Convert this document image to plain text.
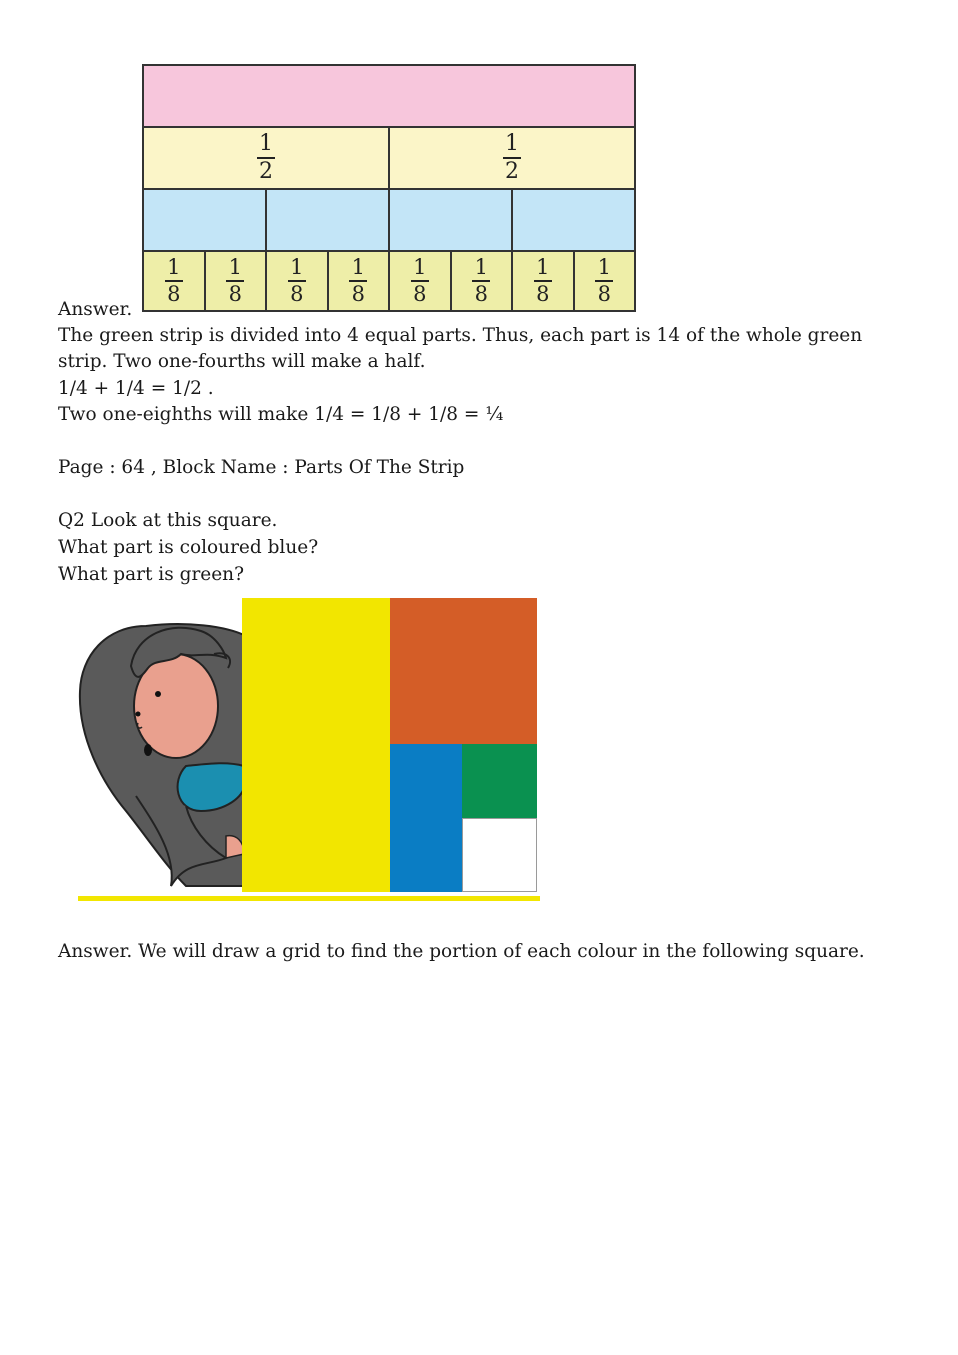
$\frac{1}{2}$	$\frac{1}{2}$
$\frac{1}{8} \frac{1}{8} \frac{1}{8} \frac{1}{8} \frac{1}{8} \frac{1}{8} \frac{1}{8} \frac{1}{8}$
Answer.
The green strip is divided into 4 equal parts. Thus, each part is 14 of the whole green strip. Two one-fourths will make a half.
1/4 + 1/4 = 1/2 .
Two one-eighths will make 1/4 = 1/8 + 1/8 = ¼
Page : 64 , Block Name : Parts Of The Strip
Q2 Look at this square.
What part is coloured blue?
What part is green?
Answer. We will draw a grid to find the portion of each colour in the following square.
